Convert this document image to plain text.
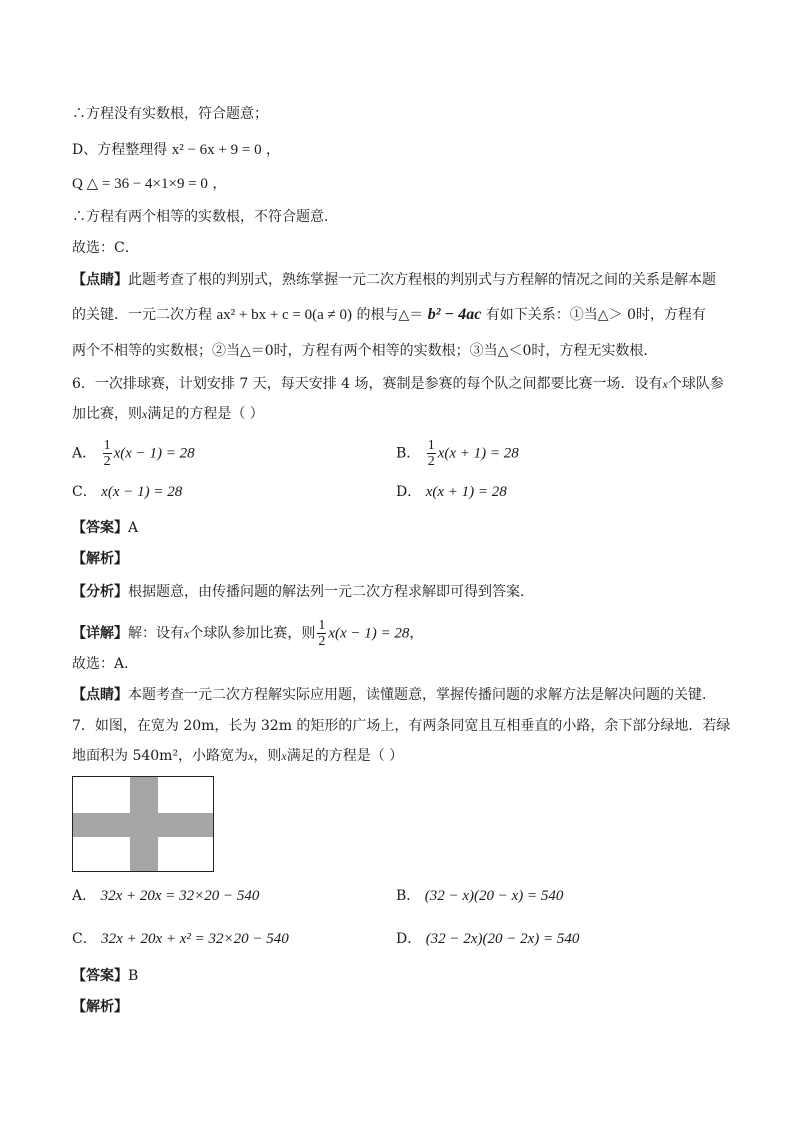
∴方程没有实数根，符合题意；
D、方程整理得 x² − 6x + 9 = 0 ，
Q △ = 36 − 4×1×9 = 0 ，
∴方程有两个相等的实数根，不符合题意．
故选：C．
【点睛】此题考查了根的判别式，熟练掌握一元二次方程根的判别式与方程解的情况之间的关系是解本题
的关键．一元二次方程 ax² + bx + c = 0(a ≠ 0) 的根与△＝ b² − 4ac 有如下关系：①当△＞ 0时，方程有
两个不相等的实数根；②当△＝0时，方程有两个相等的实数根；③当△＜0时，方程无实数根．
6．一次排球赛，计划安排 7 天，每天安排 4 场，赛制是参赛的每个队之间都要比赛一场．设有x个球队参
加比赛，则x满足的方程是（ ）
A． $\frac{1}{2} x(x - 1) = 28$	B． $\frac{1}{2} x(x + 1) = 28$
C． x(x − 1) = 28	D． x(x + 1) = 28
【答案】A
【解析】
【分析】根据题意，由传播问题的解法列一元二次方程求解即可得到答案．
【详解】解：设有x个球队参加比赛，则 $\frac{1}{2} x(x - 1) = 28$，
故选：A．
【点睛】本题考查一元二次方程解实际应用题，读懂题意，掌握传播问题的求解方法是解决问题的关键．
7．如图，在宽为 20m，长为 32m 的矩形的广场上，有两条同宽且互相垂直的小路，余下部分绿地．若绿
地面积为 540m²，小路宽为x，则x满足的方程是（ ）
A． 32x + 20x = 32×20 − 540	B． (32 − x)(20 − x) = 540
C． 32x + 20x + x² = 32×20 − 540	D． (32 − 2x)(20 − 2x) = 540
【答案】B
【解析】
